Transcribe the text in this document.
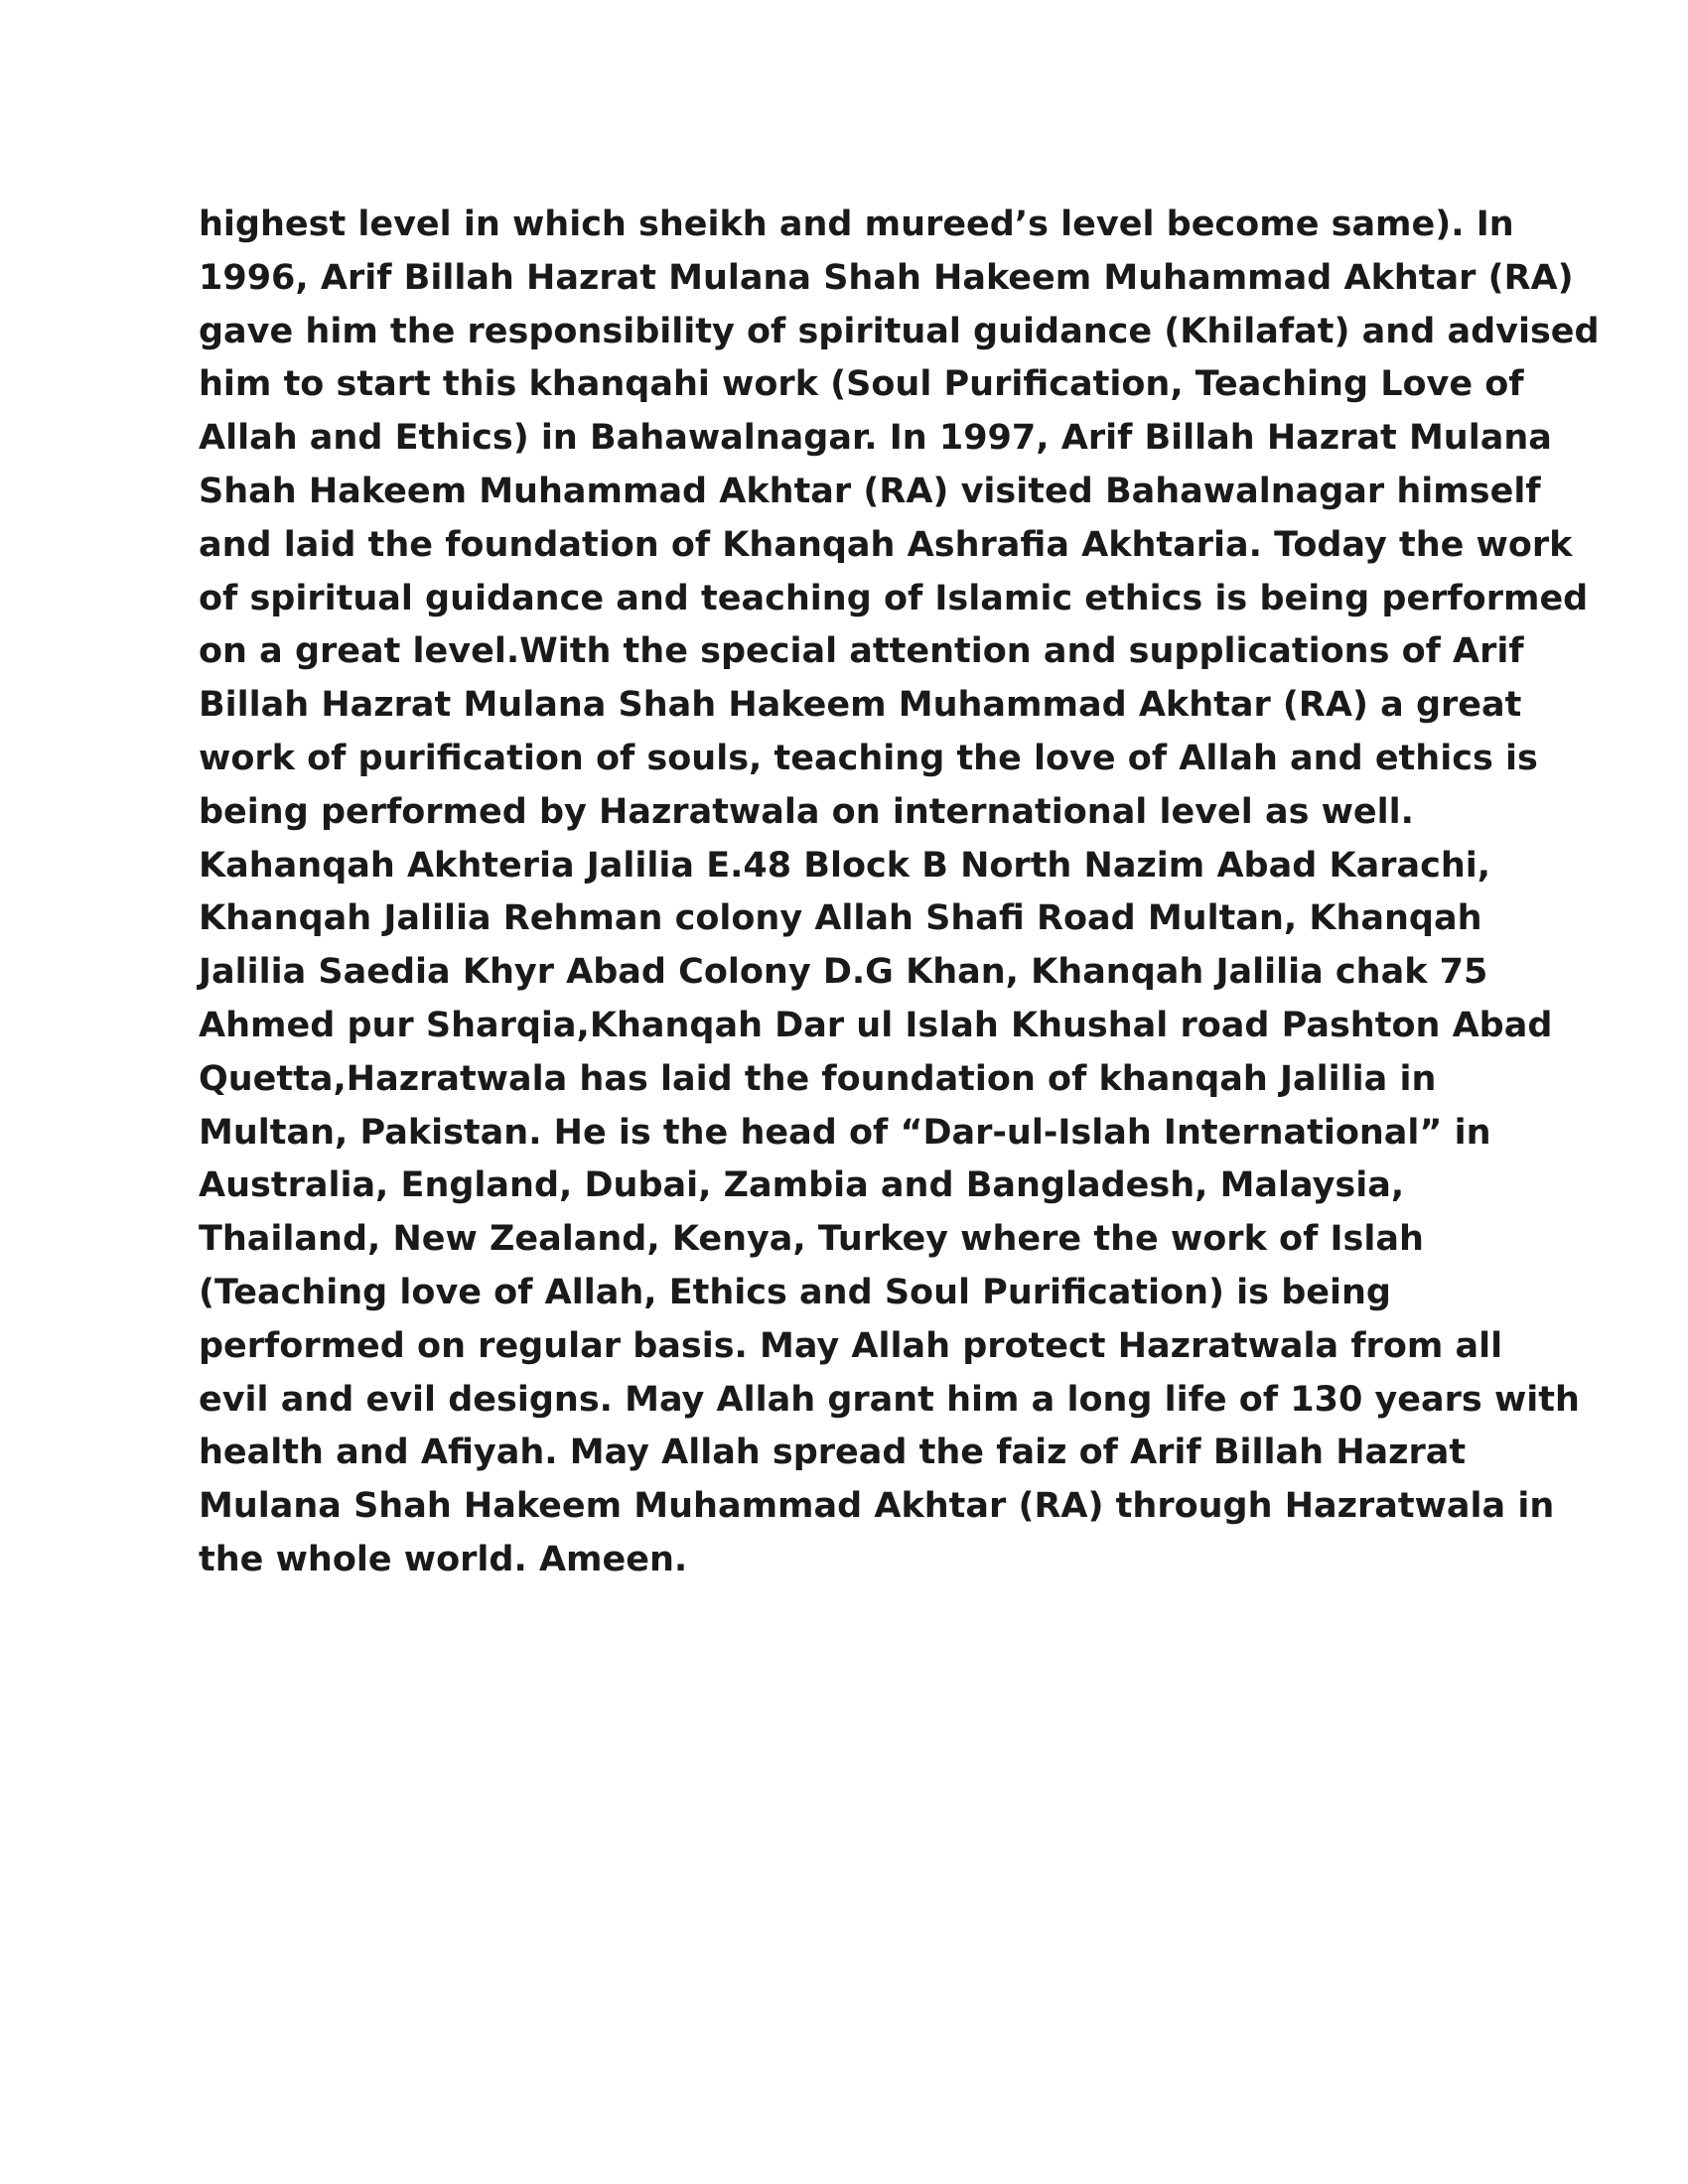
highest level in which sheikh and mureed’s level become same). In
1996, Arif Billah Hazrat Mulana Shah Hakeem Muhammad Akhtar (RA)
gave him the responsibility of spiritual guidance (Khilafat) and advised
him to start this khanqahi work (Soul Purification, Teaching Love of
Allah and Ethics) in Bahawalnagar. In 1997, Arif Billah Hazrat Mulana
Shah Hakeem Muhammad Akhtar (RA) visited Bahawalnagar himself
and laid the foundation of Khanqah Ashrafia Akhtaria. Today the work
of spiritual guidance and teaching of Islamic ethics is being performed
on a great level.With the special attention and supplications of Arif
Billah Hazrat Mulana Shah Hakeem Muhammad Akhtar (RA) a great
work of purification of souls, teaching the love of Allah and ethics is
being performed by Hazratwala on international level as well.
Kahanqah Akhteria Jalilia E.48 Block B North Nazim Abad Karachi,
Khanqah Jalilia Rehman colony Allah Shafi Road Multan, Khanqah
Jalilia Saedia Khyr Abad Colony D.G Khan, Khanqah Jalilia chak 75
Ahmed pur Sharqia,Khanqah Dar ul Islah Khushal road Pashton Abad
Quetta,Hazratwala has laid the foundation of khanqah Jalilia in
Multan, Pakistan. He is the head of “Dar-ul-Islah International” in
Australia, England, Dubai, Zambia and Bangladesh, Malaysia,
Thailand, New Zealand, Kenya, Turkey where the work of Islah
(Teaching love of Allah, Ethics and Soul Purification) is being
performed on regular basis. May Allah protect Hazratwala from all
evil and evil designs. May Allah grant him a long life of 130 years with
health and Afiyah. May Allah spread the faiz of Arif Billah Hazrat
Mulana Shah Hakeem Muhammad Akhtar (RA) through Hazratwala in
the whole world. Ameen.
